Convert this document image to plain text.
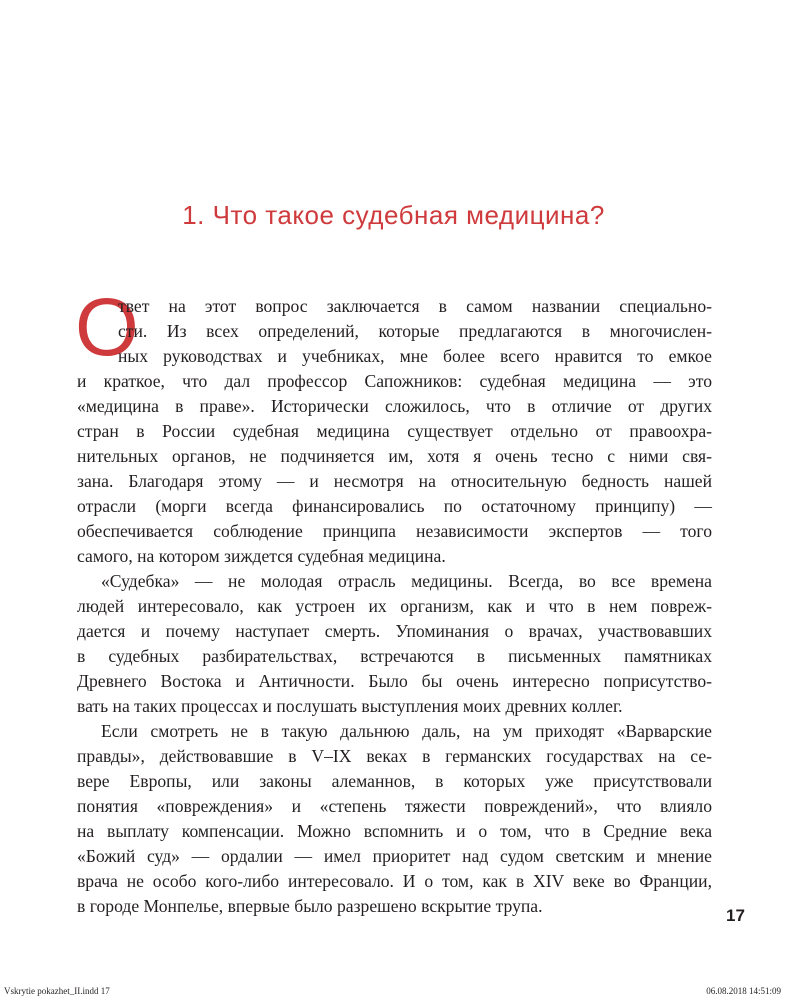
1. Что такое судебная медицина?
О
твет на этот вопрос заключается в самом названии специально-
сти. Из всех определений, которые предлагаются в многочислен-
ных руководствах и учебниках, мне более всего нравится то емкое
и краткое, что дал профессор Сапожников: судебная медицина — это
«медицина в праве». Исторически сложилось, что в отличие от других
стран в России судебная медицина существует отдельно от правоохра-
нительных органов, не подчиняется им, хотя я очень тесно с ними свя-
зана. Благодаря этому — и несмотря на относительную бедность нашей
отрасли (морги всегда финансировались по остаточному принципу) —
обеспечивается соблюдение принципа независимости экспертов — того
самого, на котором зиждется судебная медицина.
«Судебка» — не молодая отрасль медицины. Всегда, во все времена
людей интересовало, как устроен их организм, как и что в нем повреж-
дается и почему наступает смерть. Упоминания о врачах, участвовавших
в судебных разбирательствах, встречаются в письменных памятниках
Древнего Востока и Античности. Было бы очень интересно поприсутство-
вать на таких процессах и послушать выступления моих древних коллег.
Если смотреть не в такую дальнюю даль, на ум приходят «Варварские
правды», действовавшие в V–IX веках в германских государствах на се-
вере Европы, или законы алеманнов, в которых уже присутствовали
понятия «повреждения» и «степень тяжести повреждений», что влияло
на выплату компенсации. Можно вспомнить и о том, что в Средние века
«Божий суд» — ордалии — имел приоритет над судом светским и мнение
врача не особо кого-либо интересовало. И о том, как в XIV веке во Франции,
в городе Монпелье, впервые было разрешено вскрытие трупа.	17
Vskrytie pokazhet_II.indd 17	06.08.2018 14:51:09
